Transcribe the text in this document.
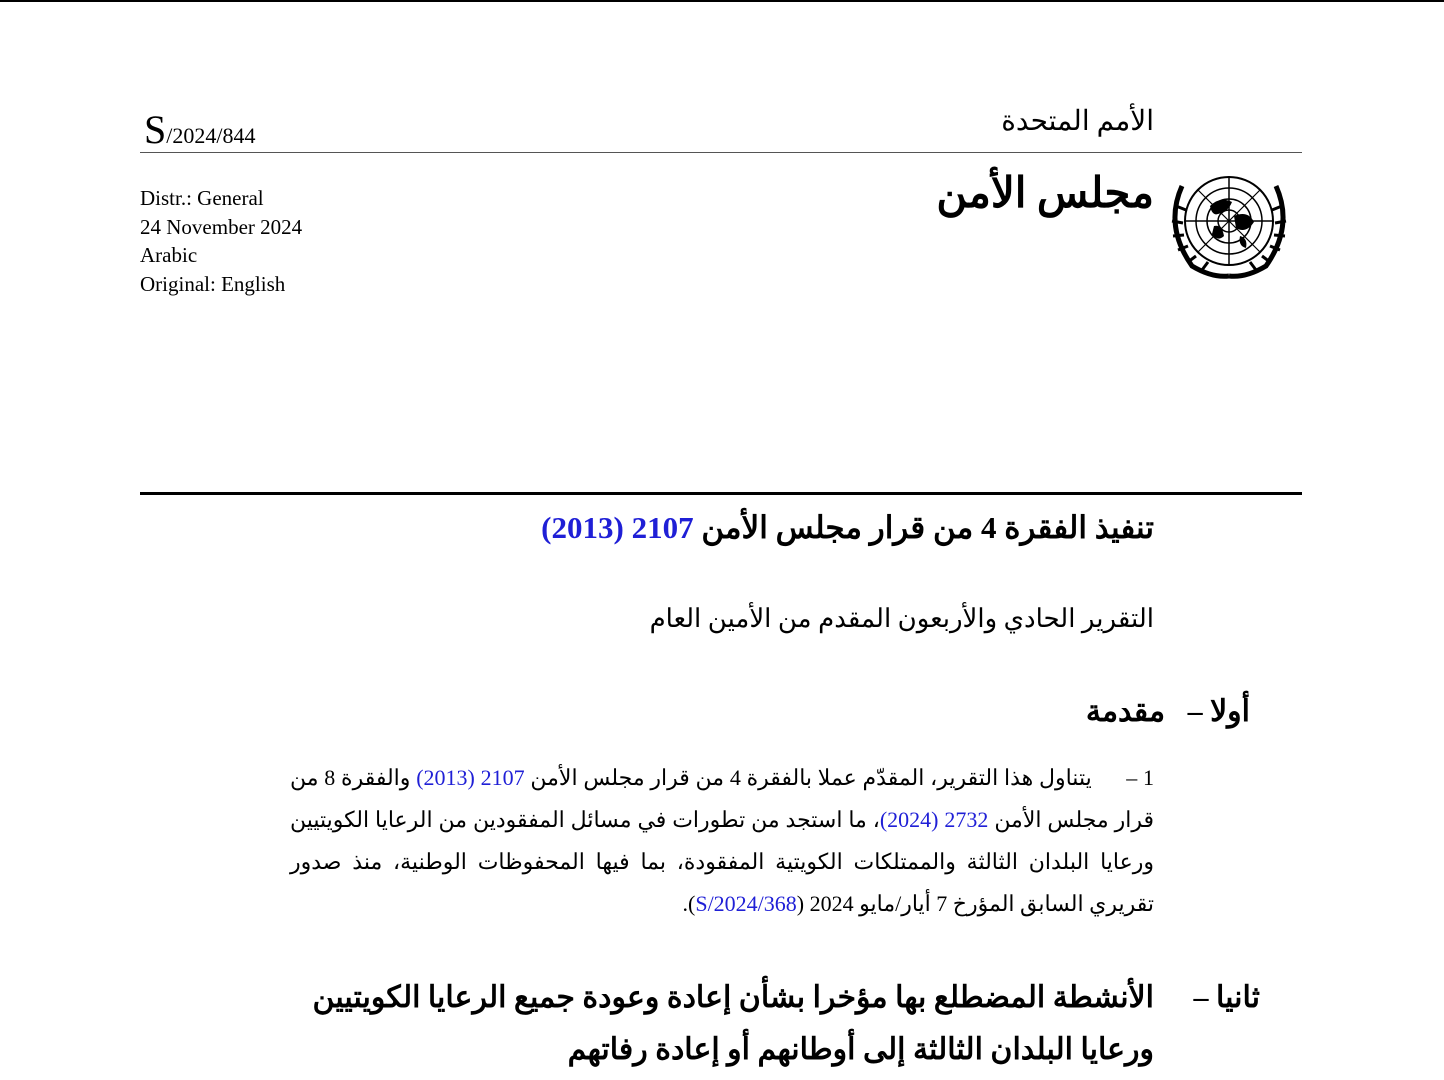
S/2024/844	الأمم المتحدة
Distr.: General
24 November 2024
Arabic
Original: English
مجلس الأمن
تنفيذ الفقرة 4 من قرار مجلس الأمن 2107 (2013)
التقرير الحادي والأربعون المقدم من الأمين العام
أولا –   مقدمة
1 –      يتناول هذا التقرير، المقدّم عملا بالفقرة 4 من قرار مجلس الأمن 2107 (2013) والفقرة 8 من قرار مجلس الأمن 2732 (2024)، ما استجد من تطورات في مسائل المفقودين من الرعايا الكويتيين ورعايا البلدان الثالثة والممتلكات الكويتية المفقودة، بما فيها المحفوظات الوطنية، منذ صدور تقريري السابق المؤرخ 7 أيار/مايو 2024 (S/2024/368).
ثانيا –
الأنشطة المضطلع بها مؤخرا بشأن إعادة وعودة جميع الرعايا الكويتيين ورعايا البلدان الثالثة إلى أوطانهم أو إعادة رفاتهم
